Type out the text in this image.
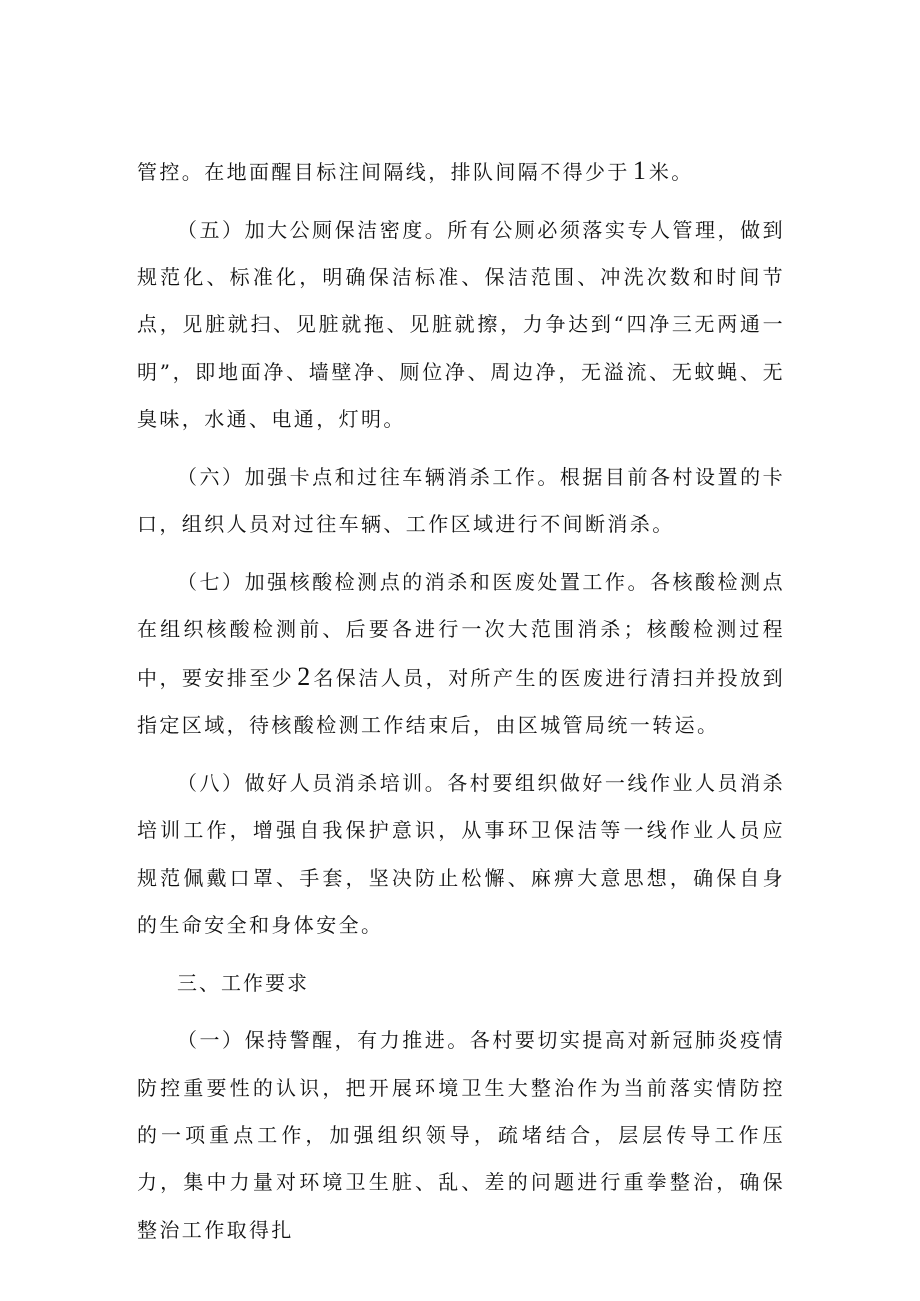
管控。在地面醒目标注间隔线，排队间隔不得少于 1 米。

（五）加大公厕保洁密度。所有公厕必须落实专人管理，做到规范化、标准化，明确保洁标准、保洁范围、冲洗次数和时间节点，见脏就扫、见脏就拖、见脏就擦，力争达到“四净三无两通一明”，即地面净、墙壁净、厕位净、周边净，无溢流、无蚊蝇、无臭味，水通、电通，灯明。

（六）加强卡点和过往车辆消杀工作。根据目前各村设置的卡口，组织人员对过往车辆、工作区域进行不间断消杀。

（七）加强核酸检测点的消杀和医废处置工作。各核酸检测点在组织核酸检测前、后要各进行一次大范围消杀；核酸检测过程中，要安排至少 2 名保洁人员，对所产生的医废进行清扫并投放到指定区域，待核酸检测工作结束后，由区城管局统一转运。

（八）做好人员消杀培训。各村要组织做好一线作业人员消杀培训工作，增强自我保护意识，从事环卫保洁等一线作业人员应规范佩戴口罩、手套，坚决防止松懈、麻痹大意思想，确保自身的生命安全和身体安全。

三、工作要求

（一）保持警醒，有力推进。各村要切实提高对新冠肺炎疫情防控重要性的认识，把开展环境卫生大整治作为当前落实情防控的一项重点工作，加强组织领导，疏堵结合，层层传导工作压力，集中力量对环境卫生脏、乱、差的问题进行重拳整治，确保整治工作取得扎
